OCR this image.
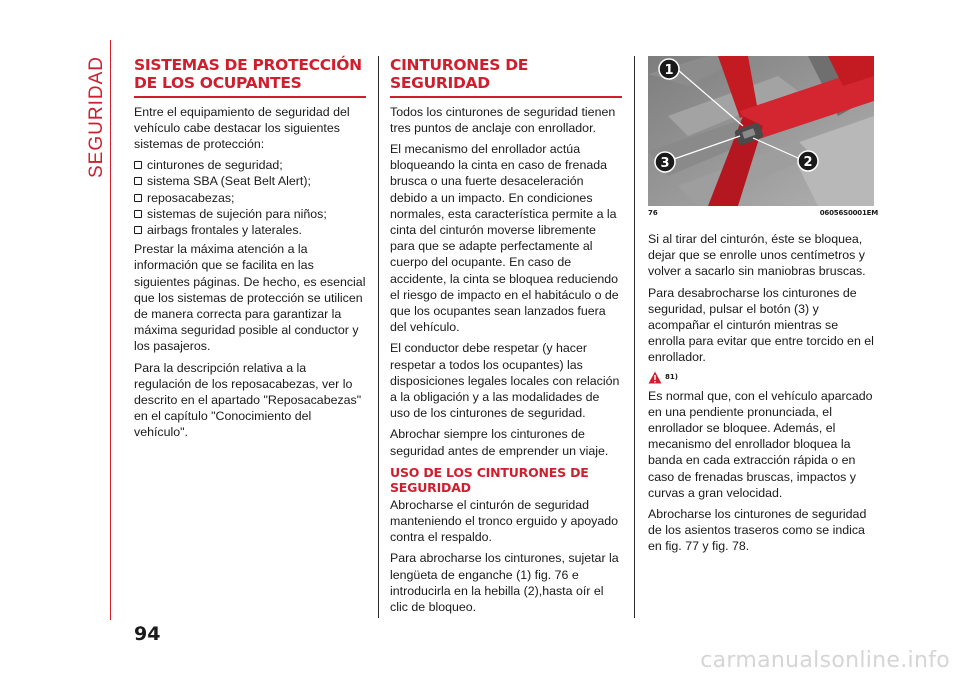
SEGURIDAD SISTEMAS DE PROTECCIÓN DE LOS OCUPANTES

Entre el equipamiento de seguridad del vehículo cabe destacar los siguientes sistemas de protección:

cinturones de seguridad;
sistema SBA (Seat Belt Alert);
reposacabezas;
sistemas de sujeción para niños;
airbags frontales y laterales.

Prestar la máxima atención a la información que se facilita en las siguientes páginas. De hecho, es esencial que los sistemas de protección se utilicen de manera correcta para garantizar la máxima seguridad posible al conductor y los pasajeros.

Para la descripción relativa a la regulación de los reposacabezas, ver lo descrito en el apartado "Reposacabezas" en el capítulo "Conocimiento del vehículo".

CINTURONES DE SEGURIDAD

Todos los cinturones de seguridad tienen tres puntos de anclaje con enrollador.

El mecanismo del enrollador actúa bloqueando la cinta en caso de frenada brusca o una fuerte desaceleración debido a un impacto. En condiciones normales, esta característica permite a la cinta del cinturón moverse libremente para que se adapte perfectamente al cuerpo del ocupante. En caso de accidente, la cinta se bloquea reduciendo el riesgo de impacto en el habitáculo o de que los ocupantes sean lanzados fuera del vehículo.

El conductor debe respetar (y hacer respetar a todos los ocupantes) las disposiciones legales locales con relación a la obligación y a las modalidades de uso de los cinturones de seguridad.

Abrochar siempre los cinturones de seguridad antes de emprender un viaje.

USO DE LOS CINTURONES DE SEGURIDAD

Abrocharse el cinturón de seguridad manteniendo el tronco erguido y apoyado contra el respaldo.

Para abrocharse los cinturones, sujetar la lengüeta de enganche (1) fig. 76 e introducirla en la hebilla (2),hasta oír el clic de bloqueo.

1
2
3
76	06056S0001EM

Si al tirar del cinturón, éste se bloquea, dejar que se enrolle unos centímetros y volver a sacarlo sin maniobras bruscas.

Para desabrocharse los cinturones de seguridad, pulsar el botón (3) y acompañar el cinturón mientras se enrolla para evitar que entre torcido en el enrollador.

81)

Es normal que, con el vehículo aparcado en una pendiente pronunciada, el enrollador se bloquee. Además, el mecanismo del enrollador bloquea la banda en cada extracción rápida o en caso de frenadas bruscas, impactos y curvas a gran velocidad.

Abrocharse los cinturones de seguridad de los asientos traseros como se indica en fig. 77 y fig. 78.

94
carmanualsonline.info
